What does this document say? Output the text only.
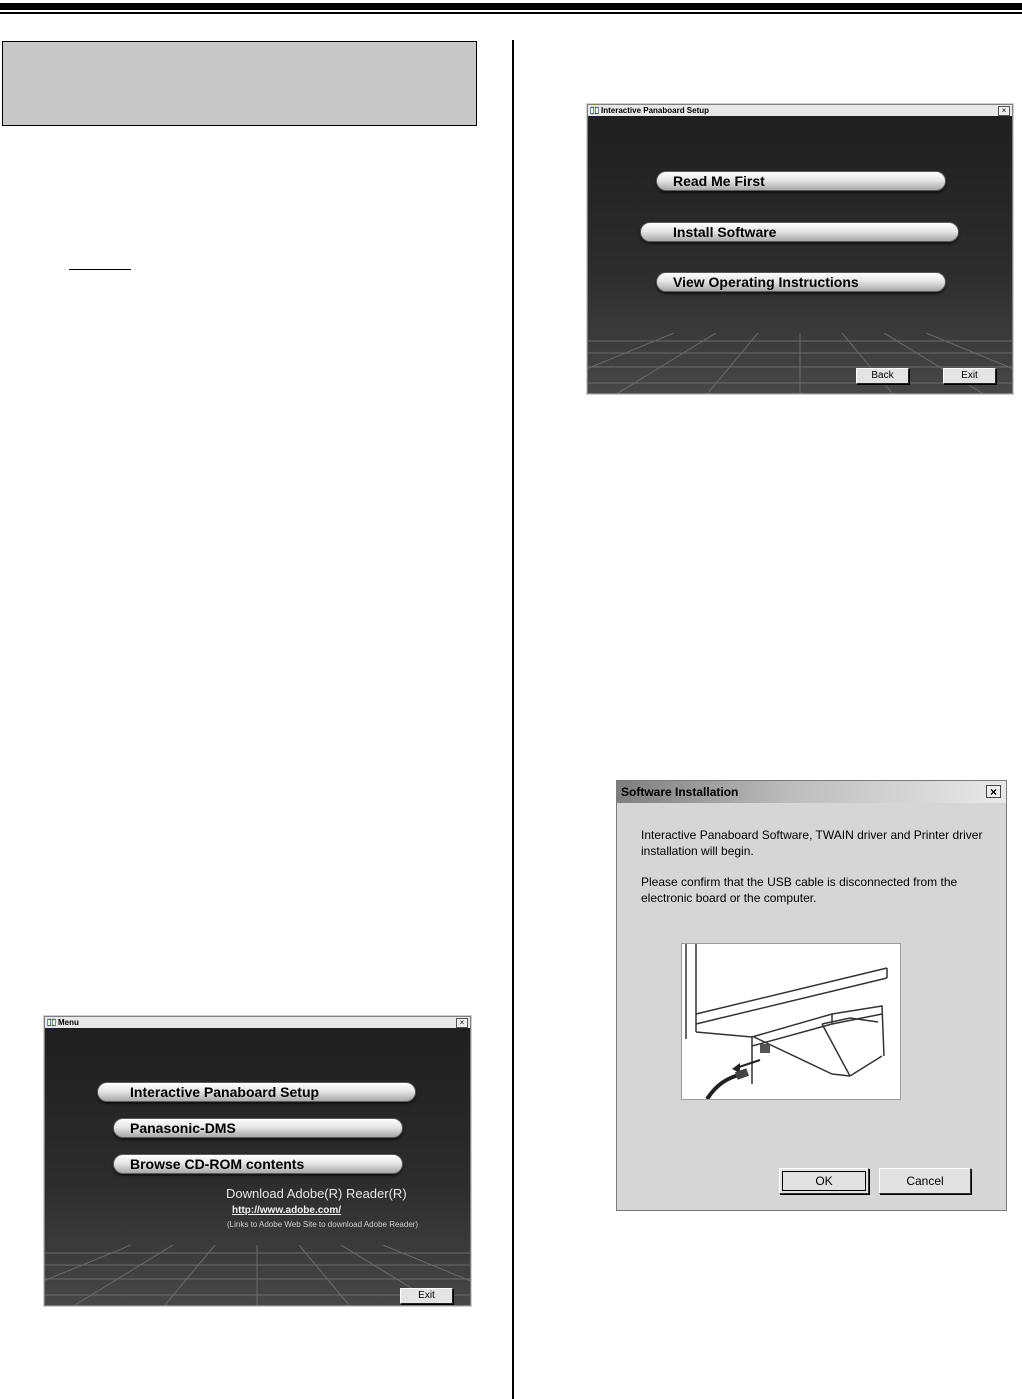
Interactive Panaboard Setup	×
Read Me First
Install Software
View Operating Instructions
Back	Exit
Software Installation	×
Interactive Panaboard Software, TWAIN driver and Printer driver installation will begin.
Please confirm that the USB cable is disconnected from the electronic board or the computer.
OK	Cancel
Menu	×
Interactive Panaboard Setup
Panasonic-DMS
Browse CD-ROM contents
Download Adobe(R) Reader(R)
http://www.adobe.com/
(Links to Adobe Web Site to download Adobe Reader)
Exit
